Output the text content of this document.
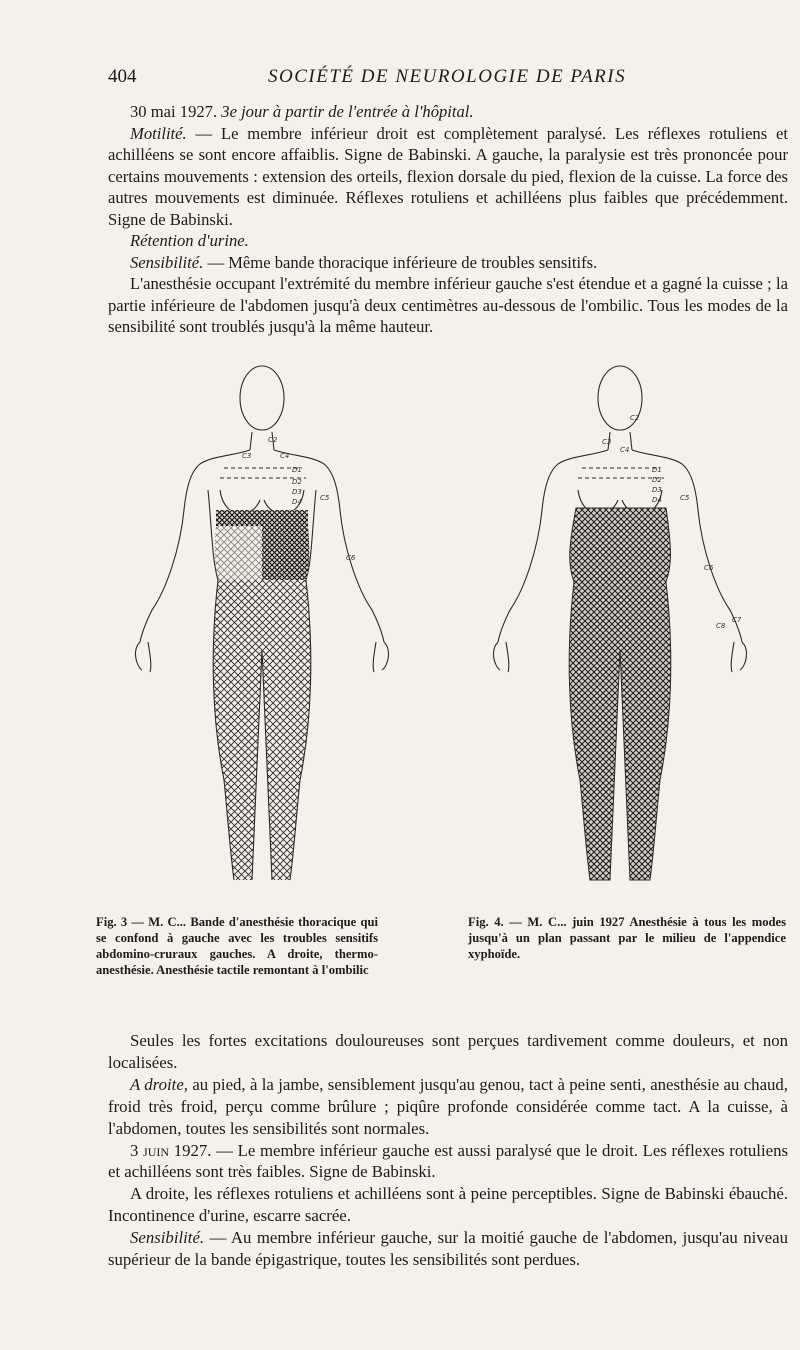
404	SOCIÉTÉ DE NEUROLOGIE DE PARIS

30 mai 1927. 3e jour à partir de l'entrée à l'hôpital.

Motilité. — Le membre inférieur droit est complètement paralysé. Les réflexes rotuliens et achilléens se sont encore affaiblis. Signe de Babinski. A gauche, la paralysie est très prononcée pour certains mouvements : extension des orteils, flexion dorsale du pied, flexion de la cuisse. La force des autres mouvements est diminuée. Réflexes rotuliens et achilléens plus faibles que précédemment. Signe de Babinski.

Rétention d'urine.

Sensibilité. — Même bande thoracique inférieure de troubles sensitifs.

L'anesthésie occupant l'extrémité du membre inférieur gauche s'est étendue et a gagné la cuisse ; la partie inférieure de l'abdomen jusqu'à deux centimètres au-dessous de l'ombilic. Tous les modes de la sensibilité sont troublés jusqu'à la même hauteur.

C2
C3	C4
C5
C6
D1
D2
D3
D4
C2
C3
C4
C5
C6
C8
C7
D1
D2
D3
D4
Fig. 3 — M. C... Bande d'anesthésie thoracique qui se confond à gauche avec les troubles sensitifs abdomino-cruraux gauches. A droite, thermo-anesthésie. Anesthésie tactile remontant à l'ombilic
Fig. 4. — M. C... juin 1927 Anesthésie à tous les modes jusqu'à un plan passant par le milieu de l'appendice xyphoïde.

Seules les fortes excitations douloureuses sont perçues tardivement comme douleurs, et non localisées.

A droite, au pied, à la jambe, sensiblement jusqu'au genou, tact à peine senti, anesthésie au chaud, froid très froid, perçu comme brûlure ; piqûre profonde considérée comme tact. A la cuisse, à l'abdomen, toutes les sensibilités sont normales.

3 juin 1927. — Le membre inférieur gauche est aussi paralysé que le droit. Les réflexes rotuliens et achilléens sont très faibles. Signe de Babinski.

A droite, les réflexes rotuliens et achilléens sont à peine perceptibles. Signe de Babinski ébauché. Incontinence d'urine, escarre sacrée.

Sensibilité. — Au membre inférieur gauche, sur la moitié gauche de l'abdomen, jusqu'au niveau supérieur de la bande épigastrique, toutes les sensibilités sont perdues.
